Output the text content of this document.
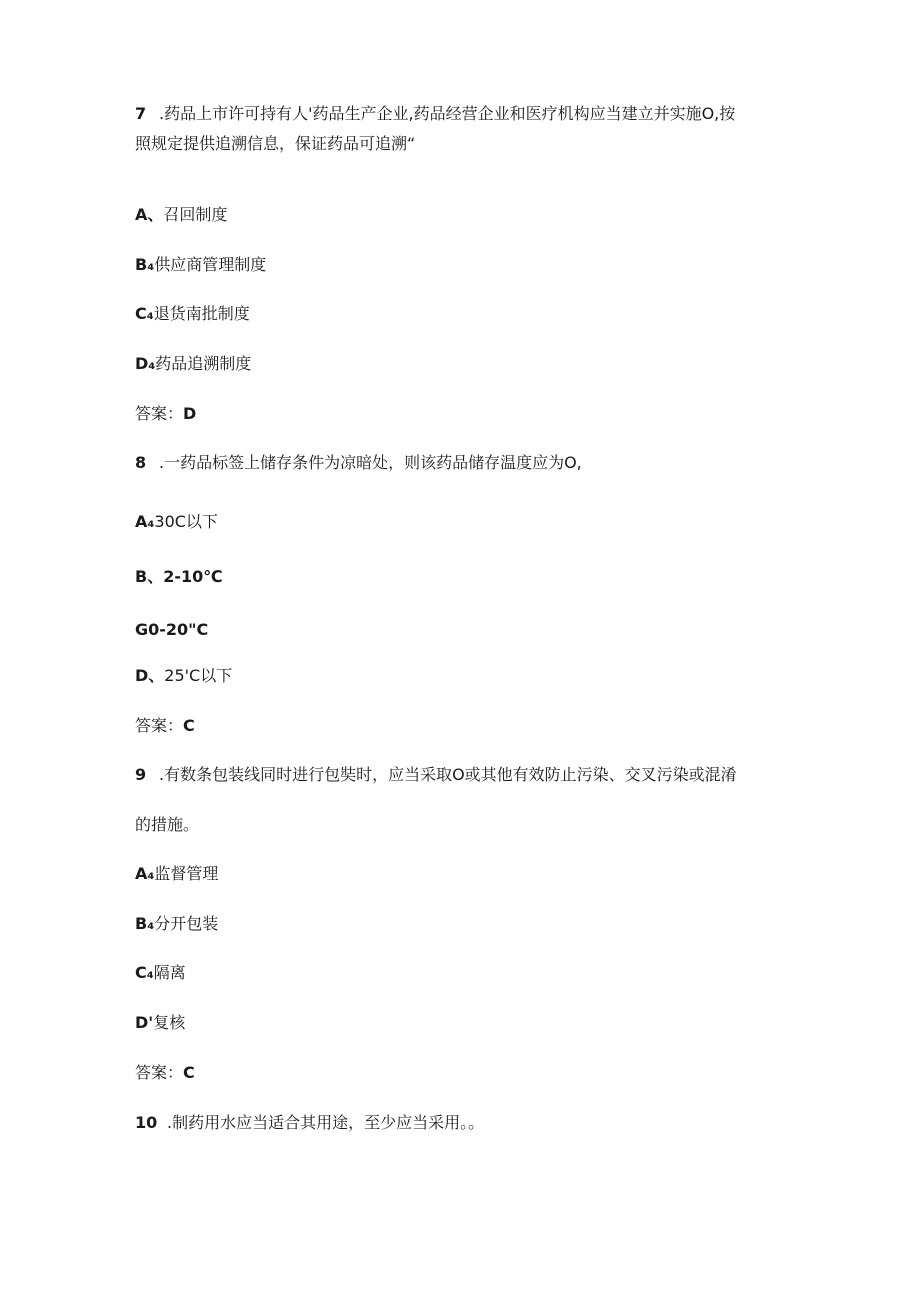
7 .药品上市许可持有人'药品生产企业,药品经营企业和医疗机构应当建立并实施O,按

照规定提供追溯信息，保证药品可追溯“

A、召回制度

B₄供应商管理制度

C₄退货南批制度

D₄药品追溯制度

答案：D

8 .一药品标签上储存条件为凉暗处，则该药品储存温度应为O,

A₄30C以下

B、2-10℃

G0-20"C

D、25'C以下

答案：C

9 .有数条包装线同时进行包奘时，应当采取O或其他有效防止污染、交叉污染或混淆

的措施。

A₄监督管理

B₄分开包装

C₄隔离

D'复核

答案：C

10 .制药用水应当适合其用途，至少应当采用。。
